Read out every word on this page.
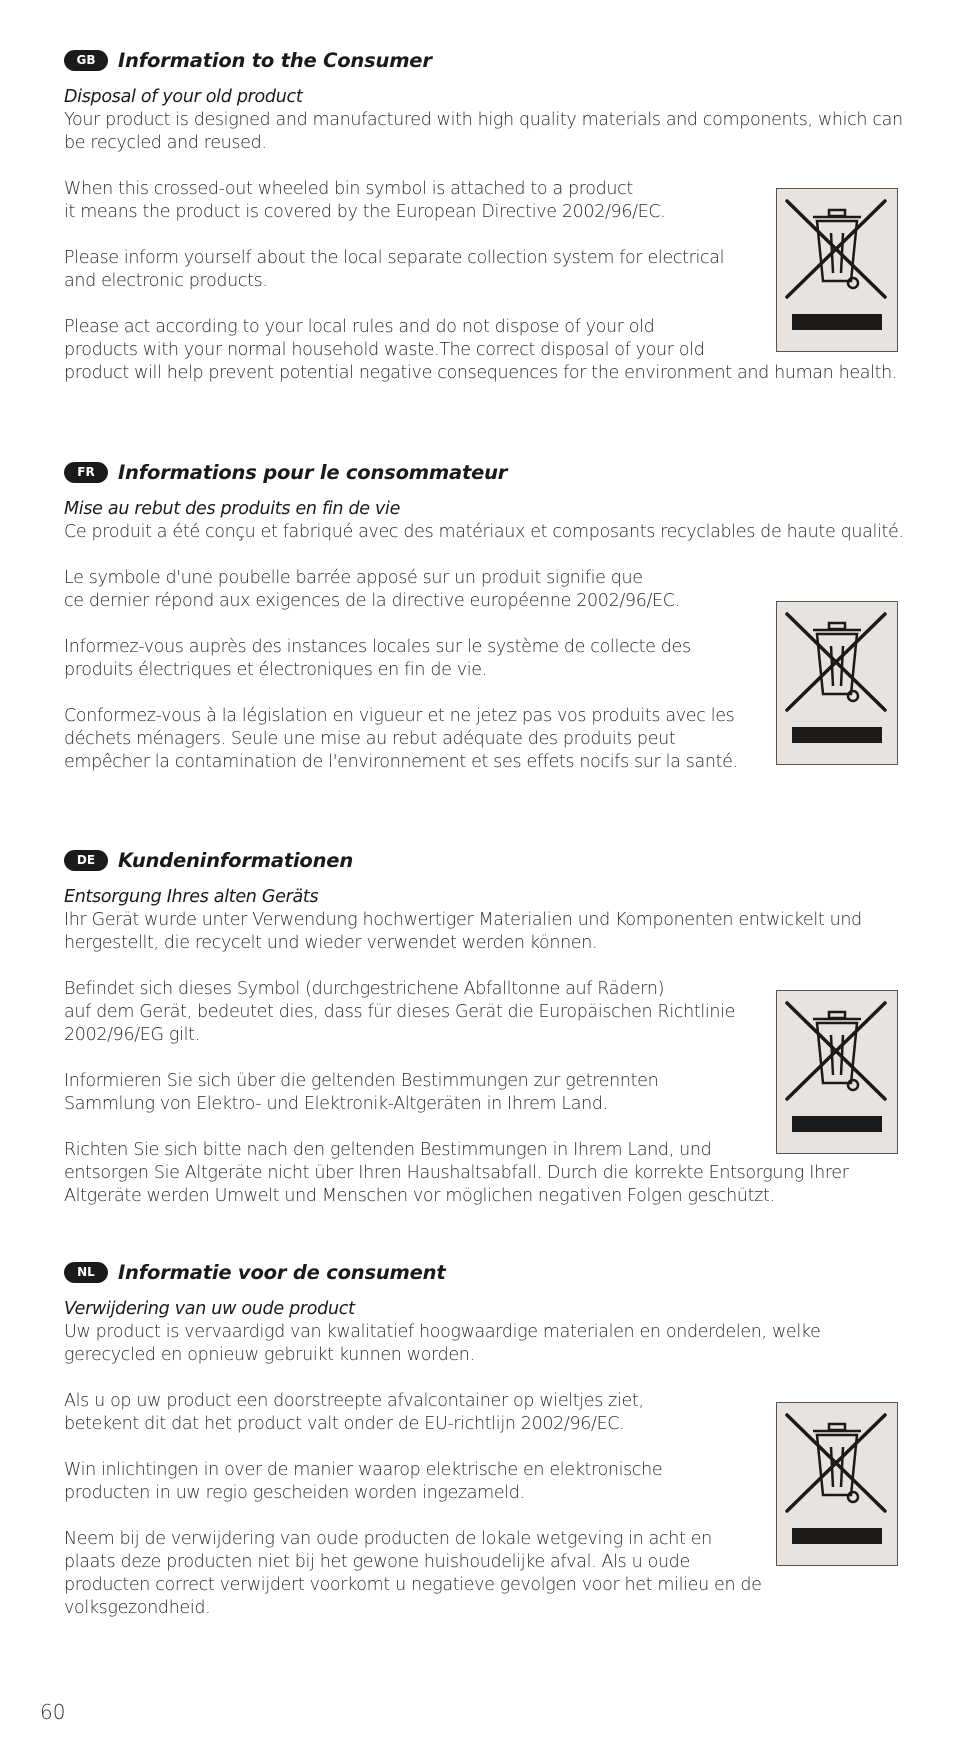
GB	Information to the Consumer
Disposal of your old product

Your product is designed and manufactured with high quality materials and components, which can be recycled and reused.

When this crossed-out wheeled bin symbol is attached to a product
it means the product is covered by the European Directive 2002/96/EC.

Please inform yourself about the local separate collection system for electrical
and electronic products.

Please act according to your local rules and do not dispose of your old
products with your normal household waste.The correct disposal of your old
product will help prevent potential negative consequences for the environment and human health.

FR	Informations pour le consommateur
Mise au rebut des produits en fin de vie

Ce produit a été conçu et fabriqué avec des matériaux et composants recyclables de haute qualité.

Le symbole d'une poubelle barrée apposé sur un produit signifie que
ce dernier répond aux exigences de la directive européenne 2002/96/EC.

Informez-vous auprès des instances locales sur le système de collecte des
produits électriques et électroniques en fin de vie.

Conformez-vous à la législation en vigueur et ne jetez pas vos produits avec les
déchets ménagers. Seule une mise au rebut adéquate des produits peut
empêcher la contamination de l'environnement et ses effets nocifs sur la santé.

DE	Kundeninformationen
Entsorgung Ihres alten Geräts

Ihr Gerät wurde unter Verwendung hochwertiger Materialien und Komponenten entwickelt und hergestellt, die recycelt und wieder verwendet werden können.

Befindet sich dieses Symbol (durchgestrichene Abfalltonne auf Rädern)
auf dem Gerät, bedeutet dies, dass für dieses Gerät die Europäischen Richtlinie
2002/96/EG gilt.

Informieren Sie sich über die geltenden Bestimmungen zur getrennten
Sammlung von Elektro- und Elektronik-Altgeräten in Ihrem Land.

Richten Sie sich bitte nach den geltenden Bestimmungen in Ihrem Land, und
entsorgen Sie Altgeräte nicht über Ihren Haushaltsabfall. Durch die korrekte Entsorgung Ihrer Altgeräte werden Umwelt und Menschen vor möglichen negativen Folgen geschützt.

NL	Informatie voor de consument
Verwijdering van uw oude product

Uw product is vervaardigd van kwalitatief hoogwaardige materialen en onderdelen, welke gerecycled en opnieuw gebruikt kunnen worden.

Als u op uw product een doorstreepte afvalcontainer op wieltjes ziet,
betekent dit dat het product valt onder de EU-richtlijn 2002/96/EC.

Win inlichtingen in over de manier waarop elektrische en elektronische
producten in uw regio gescheiden worden ingezameld.

Neem bij de verwijdering van oude producten de lokale wetgeving in acht en
plaats deze producten niet bij het gewone huishoudelijke afval. Als u oude
producten correct verwijdert voorkomt u negatieve gevolgen voor het milieu en de volksgezondheid.

60
